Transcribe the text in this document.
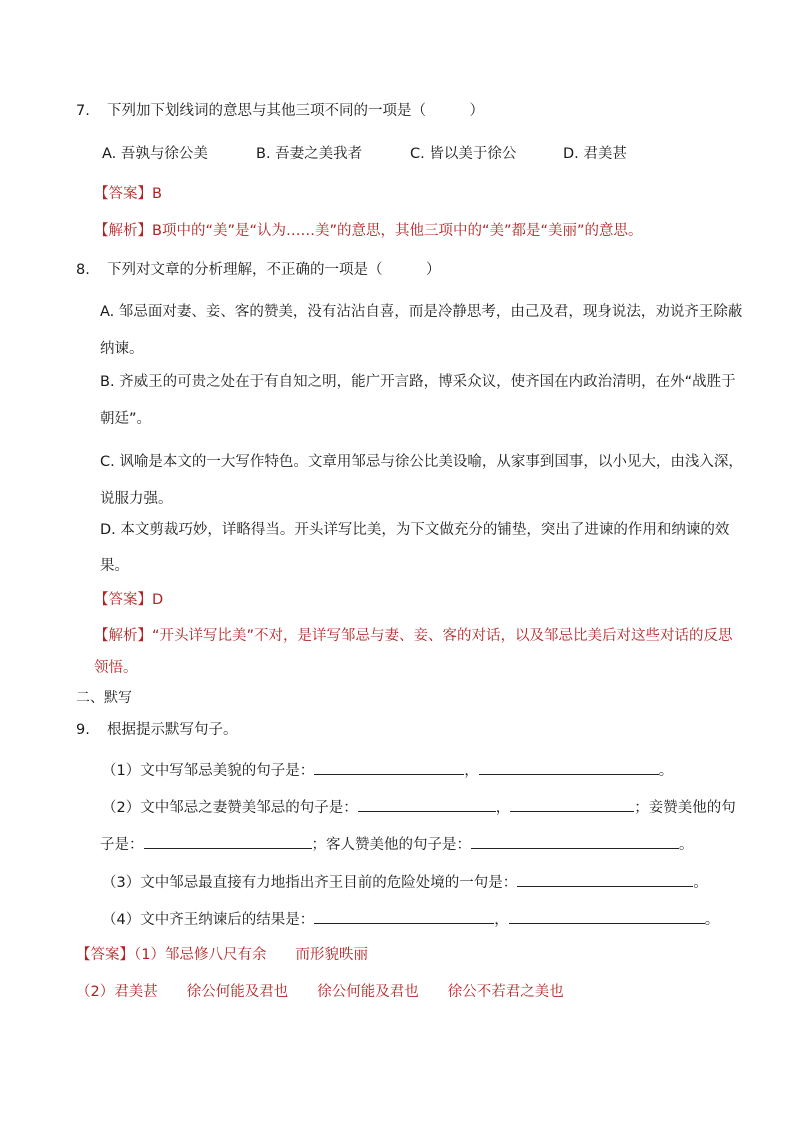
7. 下列加下划线词的意思与其他三项不同的一项是（　　　）
A. 吾孰与徐公美	B. 吾妻之美我者	C. 皆以美于徐公	D. 君美甚
【答案】B
【解析】B项中的“美”是“认为……美”的意思，其他三项中的“美”都是“美丽”的意思。
8. 下列对文章的分析理解，不正确的一项是（　　　）
A. 邹忌面对妻、妾、客的赞美，没有沾沾自喜，而是冷静思考，由己及君，现身说法，劝说齐王除蔽
纳谏。
B. 齐威王的可贵之处在于有自知之明，能广开言路，博采众议，使齐国在内政治清明，在外“战胜于
朝廷”。
C. 讽喻是本文的一大写作特色。文章用邹忌与徐公比美设喻，从家事到国事，以小见大，由浅入深，
说服力强。
D. 本文剪裁巧妙，详略得当。开头详写比美，为下文做充分的铺垫，突出了进谏的作用和纳谏的效
果。
【答案】D
【解析】“开头详写比美”不对，是详写邹忌与妻、妾、客的对话，以及邹忌比美后对这些对话的反思
领悟。
二、默写
9. 根据提示默写句子。
（1）文中写邹忌美貌的句子是：	，	。
（2）文中邹忌之妻赞美邹忌的句子是：	，	；妾赞美他的句
子是：	；客人赞美他的句子是：	。
（3）文中邹忌最直接有力地指出齐王目前的危险处境的一句是：	。
（4）文中齐王纳谏后的结果是：	，	。
【答案】（1）邹忌修八尺有余　　而形貌昳丽
（2）君美甚　　徐公何能及君也　　徐公何能及君也　　徐公不若君之美也
